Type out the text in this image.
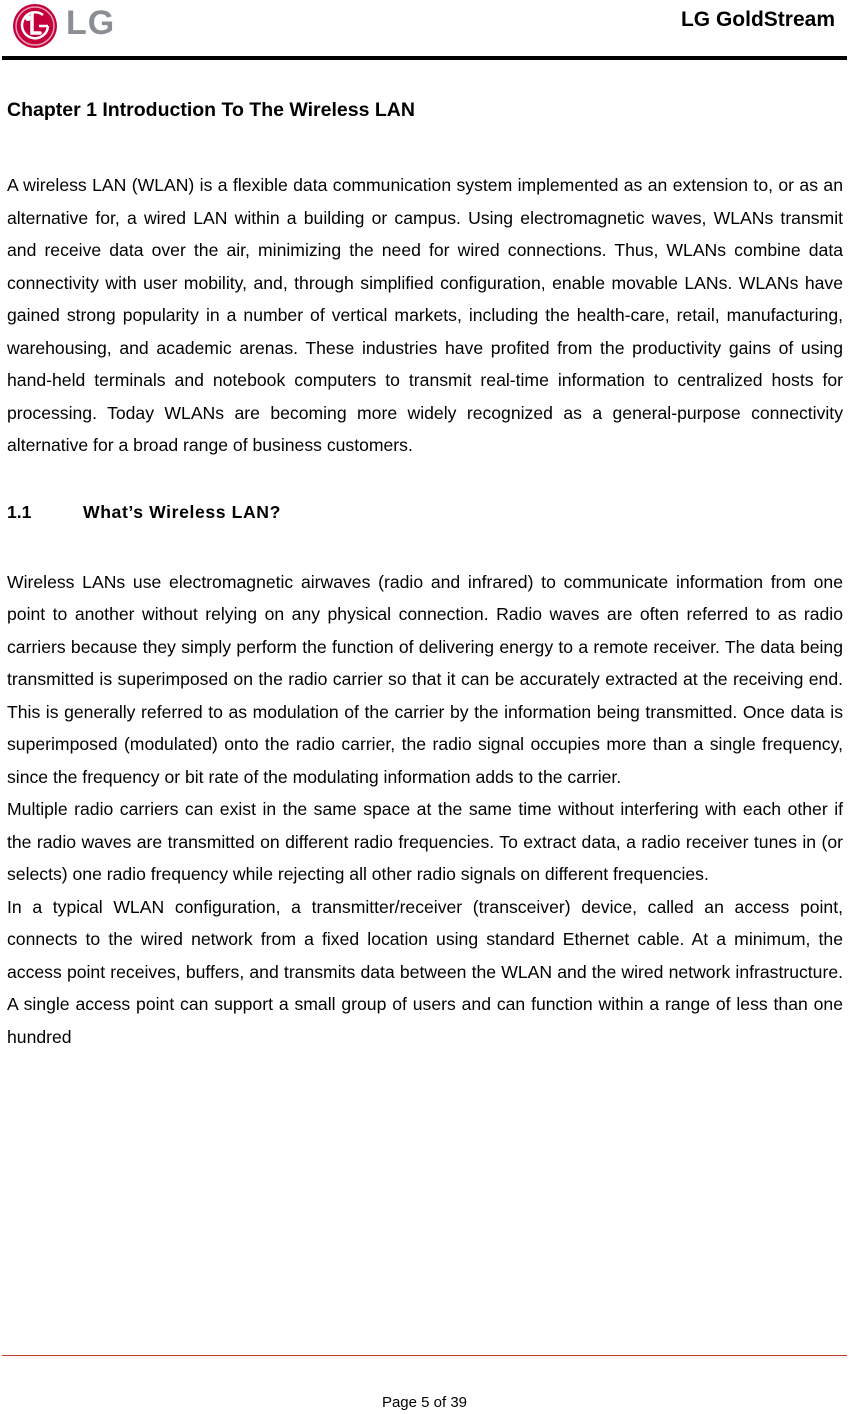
LG	LG GoldStream
Chapter 1 Introduction To The Wireless LAN

A wireless LAN (WLAN) is a flexible data communication system implemented as an extension to, or as an alternative for, a wired LAN within a building or campus. Using electromagnetic waves, WLANs transmit and receive data over the air, minimizing the need for wired connections. Thus, WLANs combine data connectivity with user mobility, and, through simplified configuration, enable movable LANs. WLANs have gained strong popularity in a number of vertical markets, including the health-care, retail, manufacturing, warehousing, and academic arenas. These industries have profited from the productivity gains of using hand-held terminals and notebook computers to transmit real-time information to centralized hosts for processing. Today WLANs are becoming more widely recognized as a general-purpose connectivity alternative for a broad range of business customers.

1.1	What’s Wireless LAN?

Wireless LANs use electromagnetic airwaves (radio and infrared) to communicate information from one point to another without relying on any physical connection. Radio waves are often referred to as radio carriers because they simply perform the function of delivering energy to a remote receiver. The data being transmitted is superimposed on the radio carrier so that it can be accurately extracted at the receiving end. This is generally referred to as modulation of the carrier by the information being transmitted. Once data is superimposed (modulated) onto the radio carrier, the radio signal occupies more than a single frequency, since the frequency or bit rate of the modulating information adds to the carrier.

Multiple radio carriers can exist in the same space at the same time without interfering with each other if the radio waves are transmitted on different radio frequencies. To extract data, a radio receiver tunes in (or selects) one radio frequency while rejecting all other radio signals on different frequencies.

In a typical WLAN configuration, a transmitter/receiver (transceiver) device, called an access point, connects to the wired network from a fixed location using standard Ethernet cable. At a minimum, the access point receives, buffers, and transmits data between the WLAN and the wired network infrastructure. A single access point can support a small group of users and can function within a range of less than one hundred

Page 5 of 39
